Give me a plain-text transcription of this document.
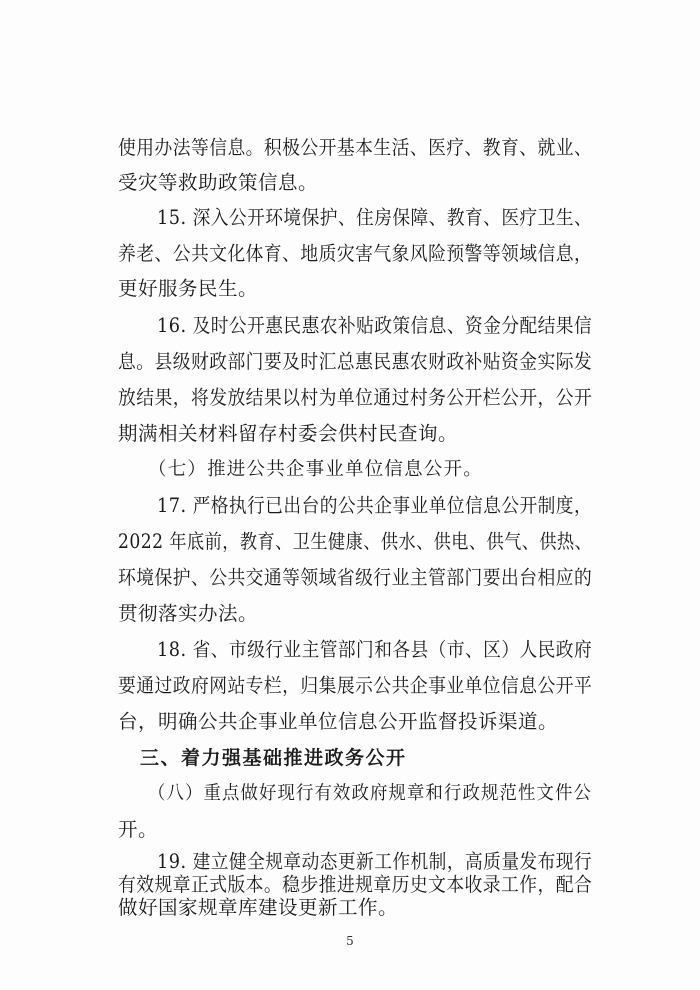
使用办法等信息。积极公开基本生活、医疗、教育、就业、
受灾等救助政策信息。
15. 深入公开环境保护、住房保障、教育、医疗卫生、
养老、公共文化体育、地质灾害气象风险预警等领域信息，
更好服务民生。
16. 及时公开惠民惠农补贴政策信息、资金分配结果信
息。县级财政部门要及时汇总惠民惠农财政补贴资金实际发
放结果，将发放结果以村为单位通过村务公开栏公开，公开
期满相关材料留存村委会供村民查询。
（七）推进公共企事业单位信息公开。
17. 严格执行已出台的公共企事业单位信息公开制度，
2022 年底前，教育、卫生健康、供水、供电、供气、供热、
环境保护、公共交通等领域省级行业主管部门要出台相应的
贯彻落实办法。
18. 省、市级行业主管部门和各县（市、区）人民政府
要通过政府网站专栏，归集展示公共企事业单位信息公开平
台，明确公共企事业单位信息公开监督投诉渠道。
三、着力强基础推进政务公开
（八）重点做好现行有效政府规章和行政规范性文件公
开。
19. 建立健全规章动态更新工作机制，高质量发布现行
有效规章正式版本。稳步推进规章历史文本收录工作，配合
做好国家规章库建设更新工作。
5
